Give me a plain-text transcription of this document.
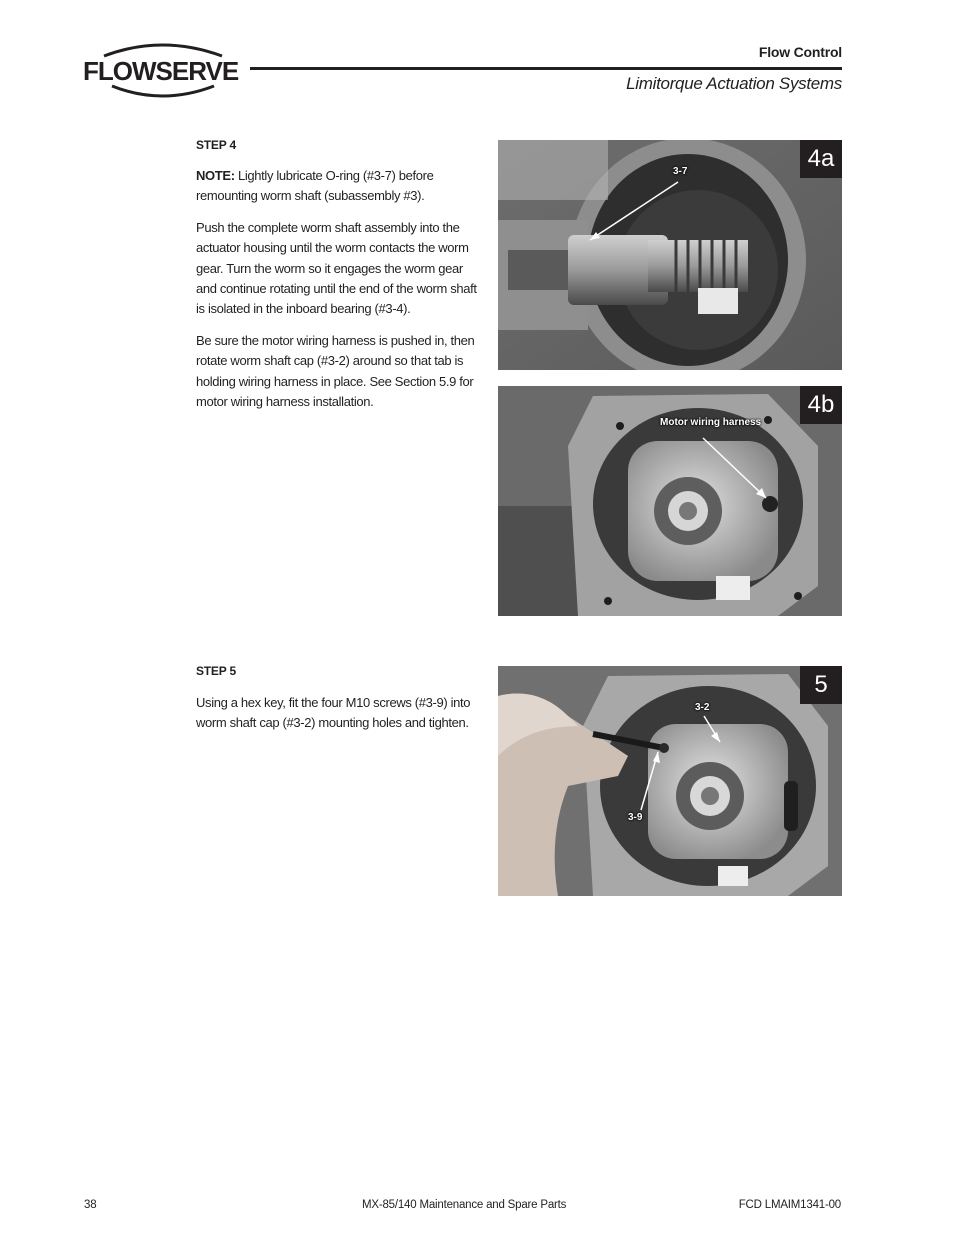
FLOWSERVE
Flow Control
Limitorque Actuation Systems
STEP 4

NOTE: Lightly lubricate O-ring (#3-7) before remounting worm shaft (subassembly #3).

Push the complete worm shaft assembly into the actuator housing until the worm contacts the worm gear. Turn the worm so it engages the worm gear and continue rotating until the end of the worm shaft is isolated in the inboard bearing (#3-4).

Be sure the motor wiring harness is pushed in, then rotate worm shaft cap (#3-2) around so that tab is holding wiring harness in place. See Section 5.9 for motor wiring harness installation.

STEP 5

Using a hex key, fit the four M10 screws (#3-9) into worm shaft cap (#3-2) mounting holes and tighten.

3-7	4a
Motor wiring harness
4b
3-2
3-9
5
38	MX-85/140 Maintenance and Spare Parts	FCD LMAIM1341-00
